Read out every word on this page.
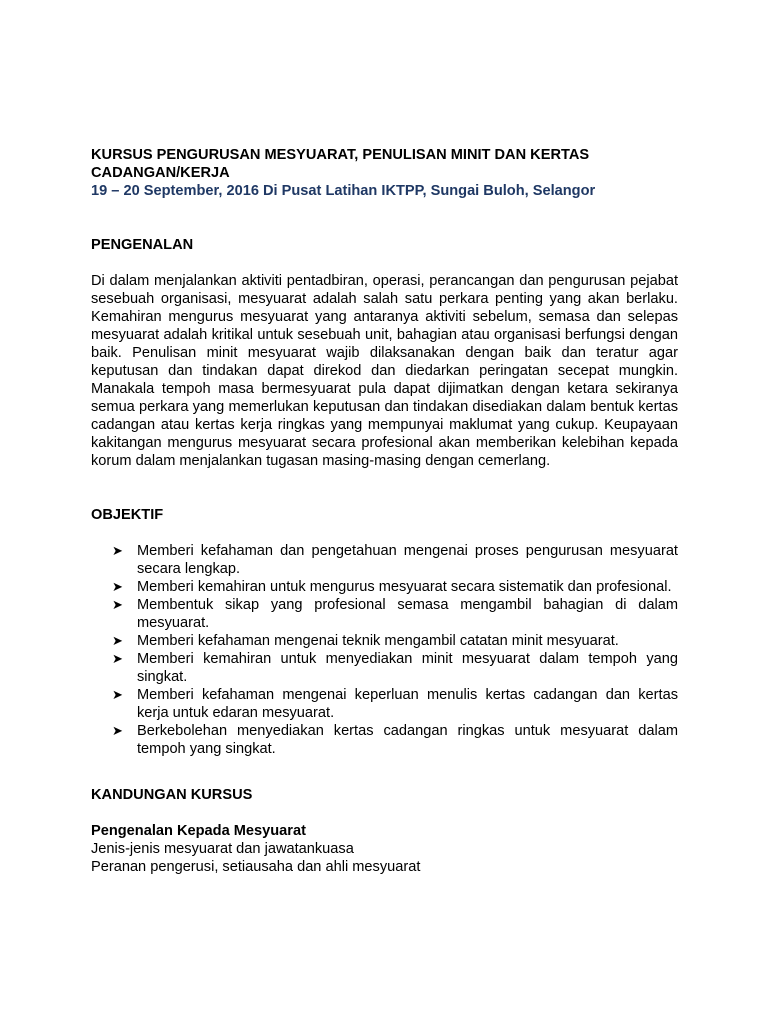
KURSUS PENGURUSAN MESYUARAT, PENULISAN MINIT DAN KERTAS CADANGAN/KERJA

19 – 20 September, 2016 Di Pusat Latihan IKTPP, Sungai Buloh, Selangor

PENGENALAN

Di dalam menjalankan aktiviti pentadbiran, operasi, perancangan dan pengurusan pejabat sesebuah organisasi, mesyuarat adalah salah satu perkara penting yang akan berlaku. Kemahiran mengurus mesyuarat yang antaranya aktiviti sebelum, semasa dan selepas mesyuarat adalah kritikal untuk sesebuah unit, bahagian atau organisasi berfungsi dengan baik. Penulisan minit mesyuarat wajib dilaksanakan dengan baik dan teratur agar keputusan dan tindakan dapat direkod dan diedarkan peringatan secepat mungkin. Manakala tempoh masa bermesyuarat pula dapat dijimatkan dengan ketara sekiranya semua perkara yang memerlukan keputusan dan tindakan disediakan dalam bentuk kertas cadangan atau kertas kerja ringkas yang mempunyai maklumat yang cukup. Keupayaan kakitangan mengurus mesyuarat secara profesional akan memberikan kelebihan kepada korum dalam menjalankan tugasan masing-masing dengan cemerlang.

OBJEKTIF

➤ Memberi kefahaman dan pengetahuan mengenai proses pengurusan mesyuarat secara lengkap.
➤ Memberi kemahiran untuk mengurus mesyuarat secara sistematik dan profesional.
➤ Membentuk sikap yang profesional semasa mengambil bahagian di dalam mesyuarat.
➤ Memberi kefahaman mengenai teknik mengambil catatan minit mesyuarat.
➤ Memberi kemahiran untuk menyediakan minit mesyuarat dalam tempoh yang singkat.
➤ Memberi kefahaman mengenai keperluan menulis kertas cadangan dan kertas kerja untuk edaran mesyuarat.
➤ Berkebolehan menyediakan kertas cadangan ringkas untuk mesyuarat dalam tempoh yang singkat.

KANDUNGAN KURSUS

Pengenalan Kepada Mesyuarat

Jenis-jenis mesyuarat dan jawatankuasa

Peranan pengerusi, setiausaha dan ahli mesyuarat
